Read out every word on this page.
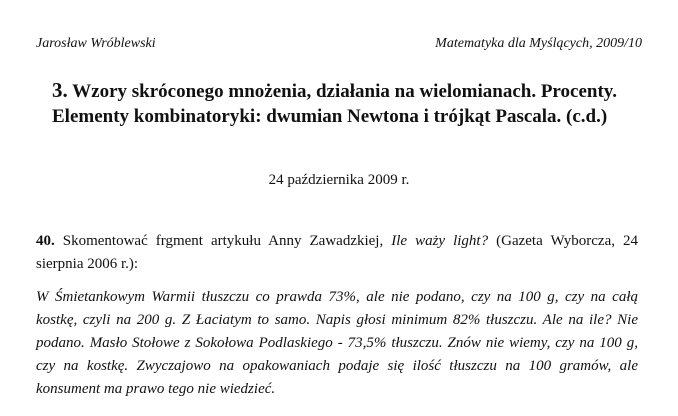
Jarosław Wróblewski	Matematyka dla Myślących, 2009/10
3. Wzory skróconego mnożenia, działania na wielomianach. Procenty. Elementy kombinatoryki: dwumian Newtona i trójkąt Pascala. (c.d.)
24 października 2009 r.
40. Skomentować frgment artykułu Anny Zawadzkiej, Ile waży light? (Gazeta Wyborcza, 24 sierpnia 2006 r.):
W Śmietankowym Warmii tłuszczu co prawda 73%, ale nie podano, czy na 100 g, czy na całą kostkę, czyli na 200 g. Z Łaciatym to samo. Napis głosi minimum 82% tłuszczu. Ale na ile? Nie podano. Masło Stołowe z Sokołowa Podlaskiego - 73,5% tłuszczu. Znów nie wiemy, czy na 100 g, czy na kostkę. Zwyczajowo na opakowaniach podaje się ilość tłuszczu na 100 gramów, ale konsument ma prawo tego nie wiedzieć.
